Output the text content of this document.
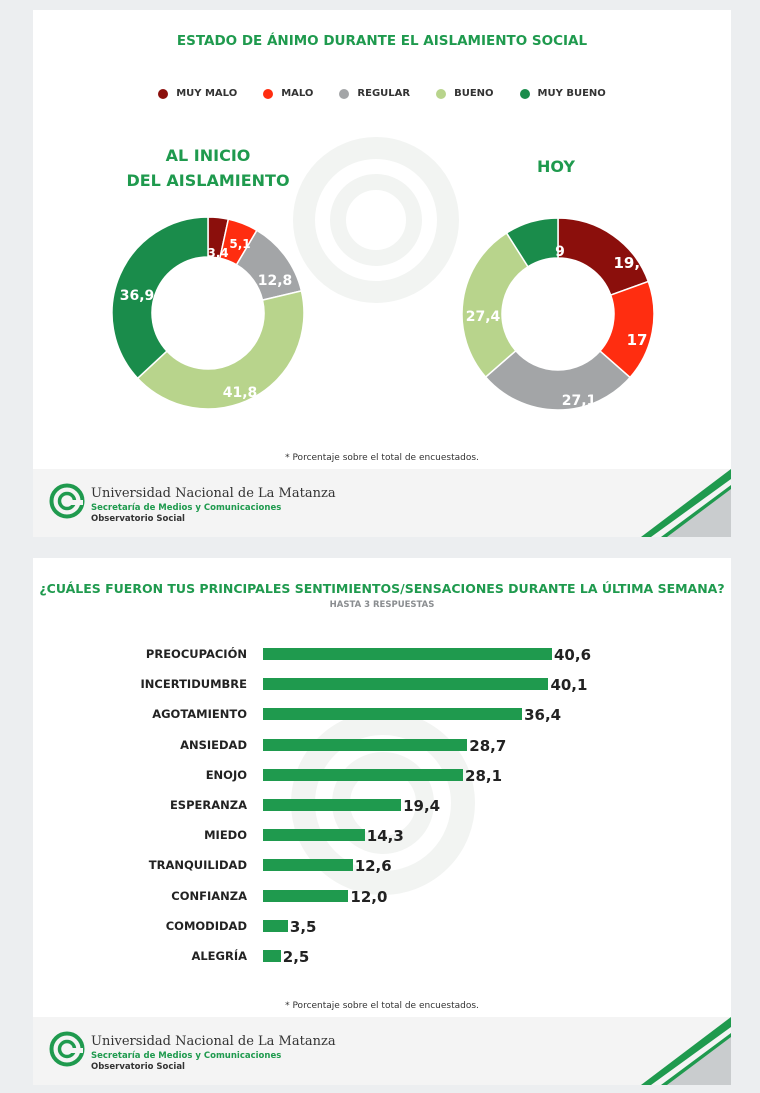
ESTADO DE ÁNIMO DURANTE EL AISLAMIENTO SOCIAL
MUY MALO	MALO	REGULAR	BUENO	MUY BUENO
AL INICIO
DEL AISLAMIENTO
HOY
3,4
5,1
12,8
41,8
36,9
19,5
17
27,1
27,4
9
* Porcentaje sobre el total de encuestados.
Universidad Nacional de La Matanza
Secretaría de Medios y Comunicaciones
Observatorio Social
¿CUÁLES FUERON TUS PRINCIPALES SENTIMIENTOS/SENSACIONES DURANTE LA ÚLTIMA SEMANA?
HASTA 3 RESPUESTAS
PREOCUPACIÓN	40,6
INCERTIDUMBRE	40,1
AGOTAMIENTO	36,4
ANSIEDAD	28,7
ENOJO	28,1
ESPERANZA	19,4
MIEDO	14,3
TRANQUILIDAD	12,6
CONFIANZA	12,0
COMODIDAD	3,5
ALEGRÍA 2,5
* Porcentaje sobre el total de encuestados.
Universidad Nacional de La Matanza
Secretaría de Medios y Comunicaciones
Observatorio Social
